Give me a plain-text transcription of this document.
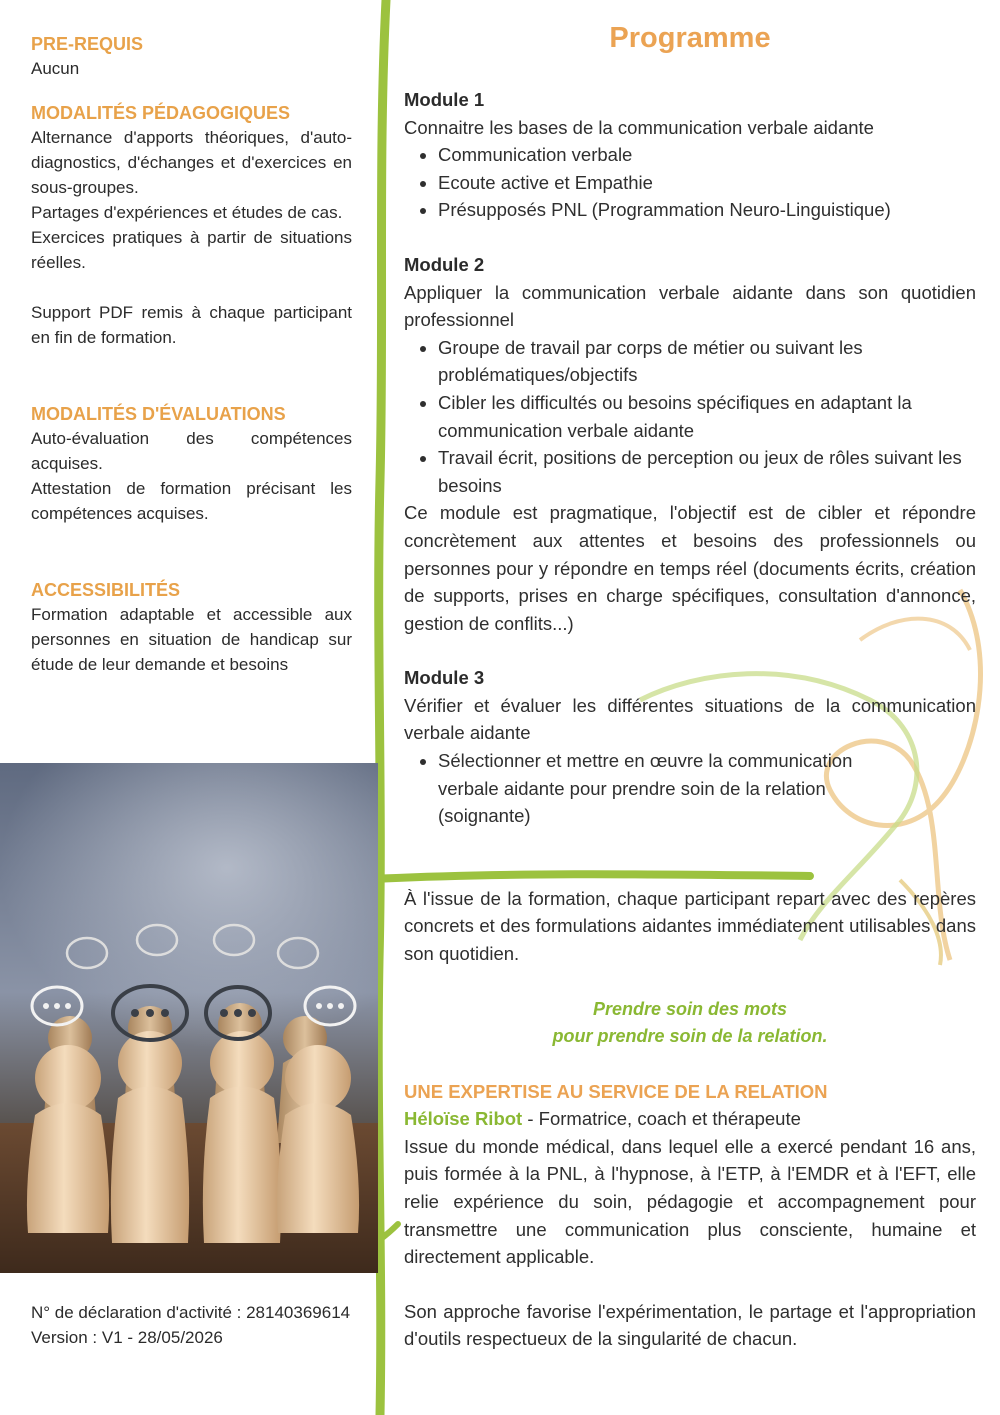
PRE-REQUIS

Aucun

MODALITÉS PÉDAGOGIQUES

Alternance d'apports théoriques, d'auto-diagnostics, d'échanges et d'exercices en sous-groupes.

Partages d'expériences et études de cas.

Exercices pratiques à partir de situations réelles.

Support PDF remis à chaque participant en fin de formation.

MODALITÉS D'ÉVALUATIONS

Auto-évaluation des compétences acquises.

Attestation de formation précisant les compétences acquises.

ACCESSIBILITÉS

Formation adaptable et accessible aux personnes en situation de handicap sur étude de leur demande et besoins

N° de déclaration d'activité : 28140369614

Version : V1 - 28/05/2026

Programme
Module 1
Connaitre les bases de la communication verbale aidante
• Communication verbale
• Ecoute active et Empathie
• Présupposés PNL (Programmation Neuro-Linguistique)
Module 2
Appliquer la communication verbale aidante dans son quotidien professionnel
• Groupe de travail par corps de métier ou suivant les problématiques/objectifs
• Cibler les difficultés ou besoins spécifiques en adaptant la communication verbale aidante
• Travail écrit, positions de perception ou jeux de rôles suivant les besoins
Ce module est pragmatique, l'objectif est de cibler et répondre concrètement aux attentes et besoins des professionnels ou personnes pour y répondre en temps réel (documents écrits, création de supports, prises en charge spécifiques, consultation d'annonce, gestion de conflits...)
Module 3
Vérifier et évaluer les différentes situations de la communication verbale aidante
• Sélectionner et mettre en œuvre la communication verbale aidante pour prendre soin de la relation (soignante)
À l'issue de la formation, chaque participant repart avec des repères concrets et des formulations aidantes immédiatement utilisables dans son quotidien.
Prendre soin des mots
pour prendre soin de la relation.
UNE EXPERTISE AU SERVICE DE LA RELATION
Héloïse Ribot - Formatrice, coach et thérapeute
Issue du monde médical, dans lequel elle a exercé pendant 16 ans, puis formée à la PNL, à l'hypnose, à l'ETP, à l'EMDR et à l'EFT, elle relie expérience du soin, pédagogie et accompagnement pour transmettre une communication plus consciente, humaine et directement applicable.
Son approche favorise l'expérimentation, le partage et l'appropriation d'outils respectueux de la singularité de chacun.
